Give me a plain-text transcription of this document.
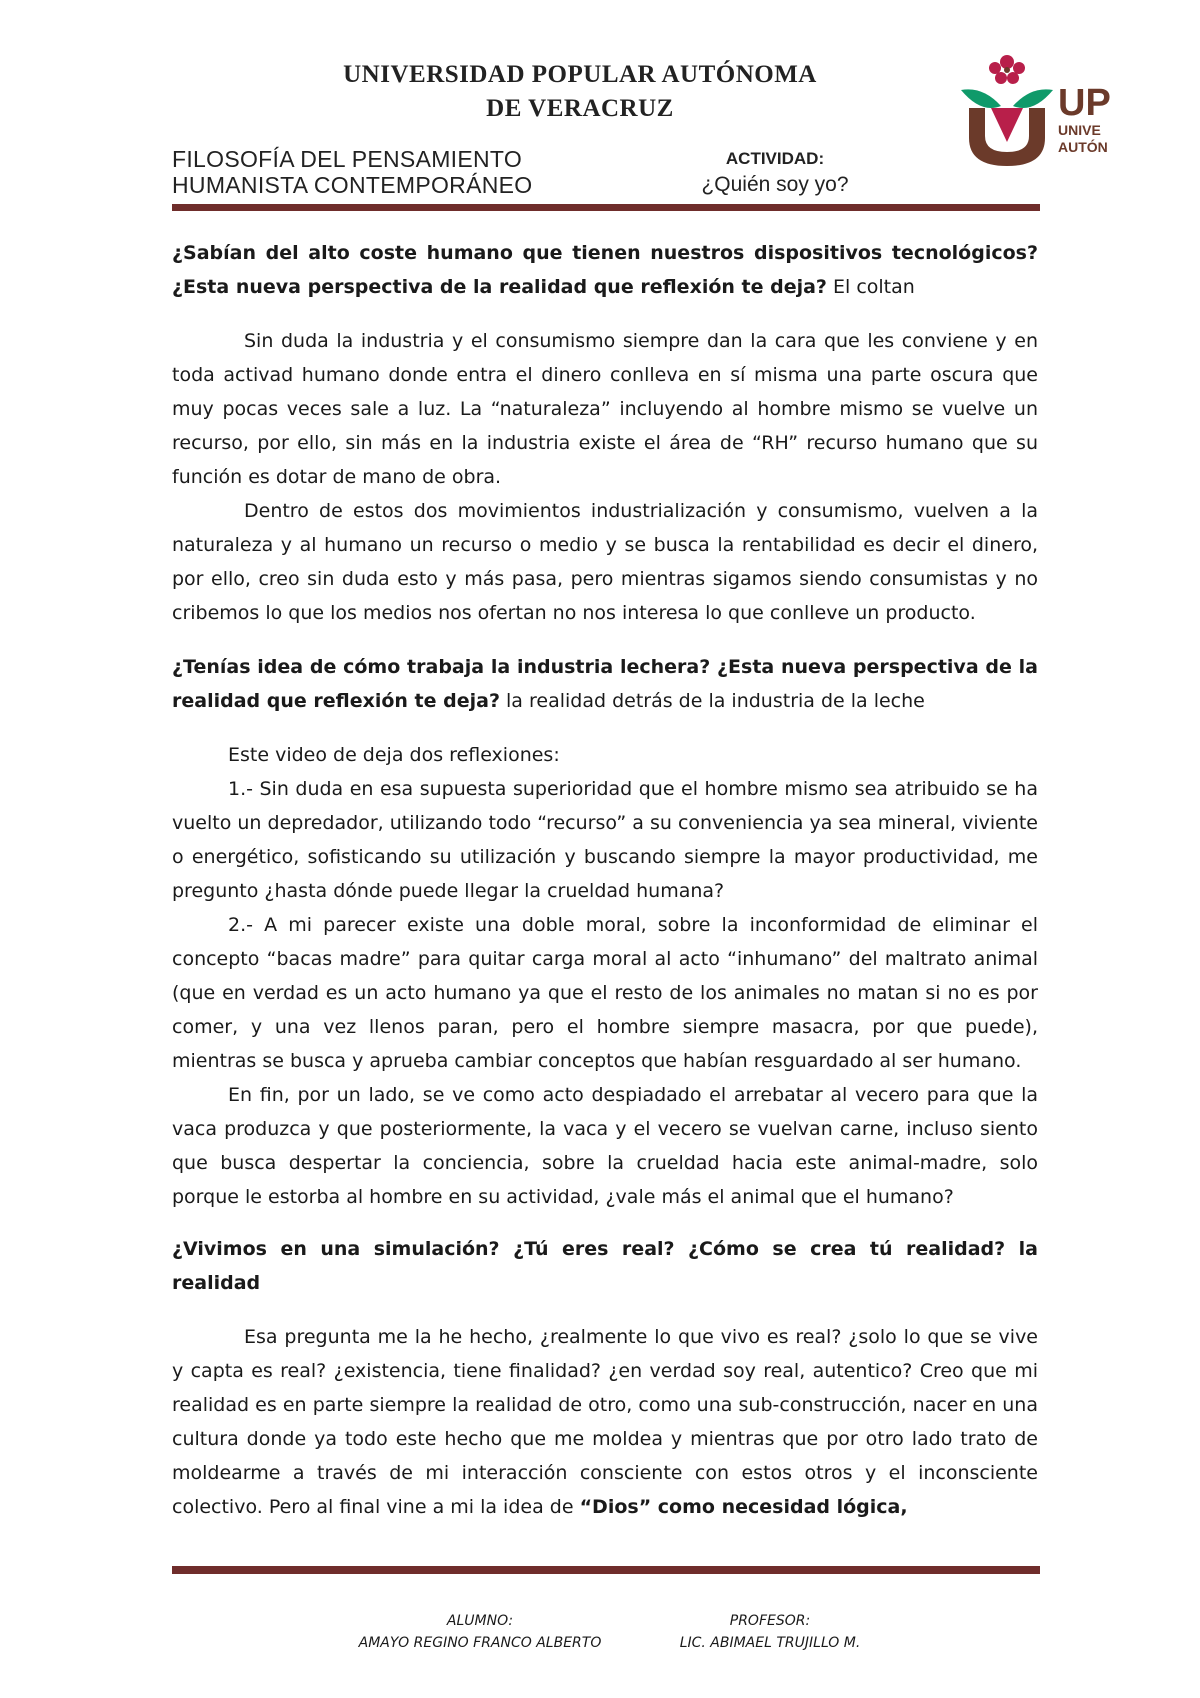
UNIVERSIDAD POPULAR AUTÓNOMA
DE VERACRUZ
FILOSOFÍA DEL PENSAMIENTO
HUMANISTA CONTEMPORÁNEO
ACTIVIDAD:
¿Quién soy yo?
UP
UNIVE
AUTÓN

¿Sabían del alto coste humano que tienen nuestros dispositivos tecnológicos? ¿Esta nueva perspectiva de la realidad que reflexión te deja? El coltan

Sin duda la industria y el consumismo siempre dan la cara que les conviene y en toda activad humano donde entra el dinero conlleva en sí misma una parte oscura que muy pocas veces sale a luz. La “naturaleza” incluyendo al hombre mismo se vuelve un recurso, por ello, sin más en la industria existe el área de “RH” recurso humano que su función es dotar de mano de obra.

Dentro de estos dos movimientos industrialización y consumismo, vuelven a la naturaleza y al humano un recurso o medio y se busca la rentabilidad es decir el dinero, por ello, creo sin duda esto y más pasa, pero mientras sigamos siendo consumistas y no cribemos lo que los medios nos ofertan no nos interesa lo que conlleve un producto.

¿Tenías idea de cómo trabaja la industria lechera? ¿Esta nueva perspectiva de la realidad que reflexión te deja? la realidad detrás de la industria de la leche

Este video de deja dos reflexiones:

1.- Sin duda en esa supuesta superioridad que el hombre mismo sea atribuido se ha vuelto un depredador, utilizando todo “recurso” a su conveniencia ya sea mineral, viviente o energético, sofisticando su utilización y buscando siempre la mayor productividad, me pregunto ¿hasta dónde puede llegar la crueldad humana?

2.- A mi parecer existe una doble moral, sobre la inconformidad de eliminar el concepto “bacas madre” para quitar carga moral al acto “inhumano” del maltrato animal (que en verdad es un acto humano ya que el resto de los animales no matan si no es por comer, y una vez llenos paran, pero el hombre siempre masacra, por que puede), mientras se busca y aprueba cambiar conceptos que habían resguardado al ser humano.

En fin, por un lado, se ve como acto despiadado el arrebatar al vecero para que la vaca produzca y que posteriormente, la vaca y el vecero se vuelvan carne, incluso siento que busca despertar la conciencia, sobre la crueldad hacia este animal-madre, solo porque le estorba al hombre en su actividad, ¿vale más el animal que el humano?

¿Vivimos en una simulación? ¿Tú eres real? ¿Cómo se crea tú realidad? la realidad

Esa pregunta me la he hecho, ¿realmente lo que vivo es real? ¿solo lo que se vive y capta es real? ¿existencia, tiene finalidad? ¿en verdad soy real, autentico? Creo que mi realidad es en parte siempre la realidad de otro, como una sub-construcción, nacer en una cultura donde ya todo este hecho que me moldea y mientras que por otro lado trato de moldearme a través de mi interacción consciente con estos otros y el inconsciente colectivo. Pero al final vine a mi la idea de “Dios” como necesidad lógica,

ALUMNO:
AMAYO REGINO FRANCO ALBERTO
PROFESOR:
LIC. ABIMAEL TRUJILLO M.
